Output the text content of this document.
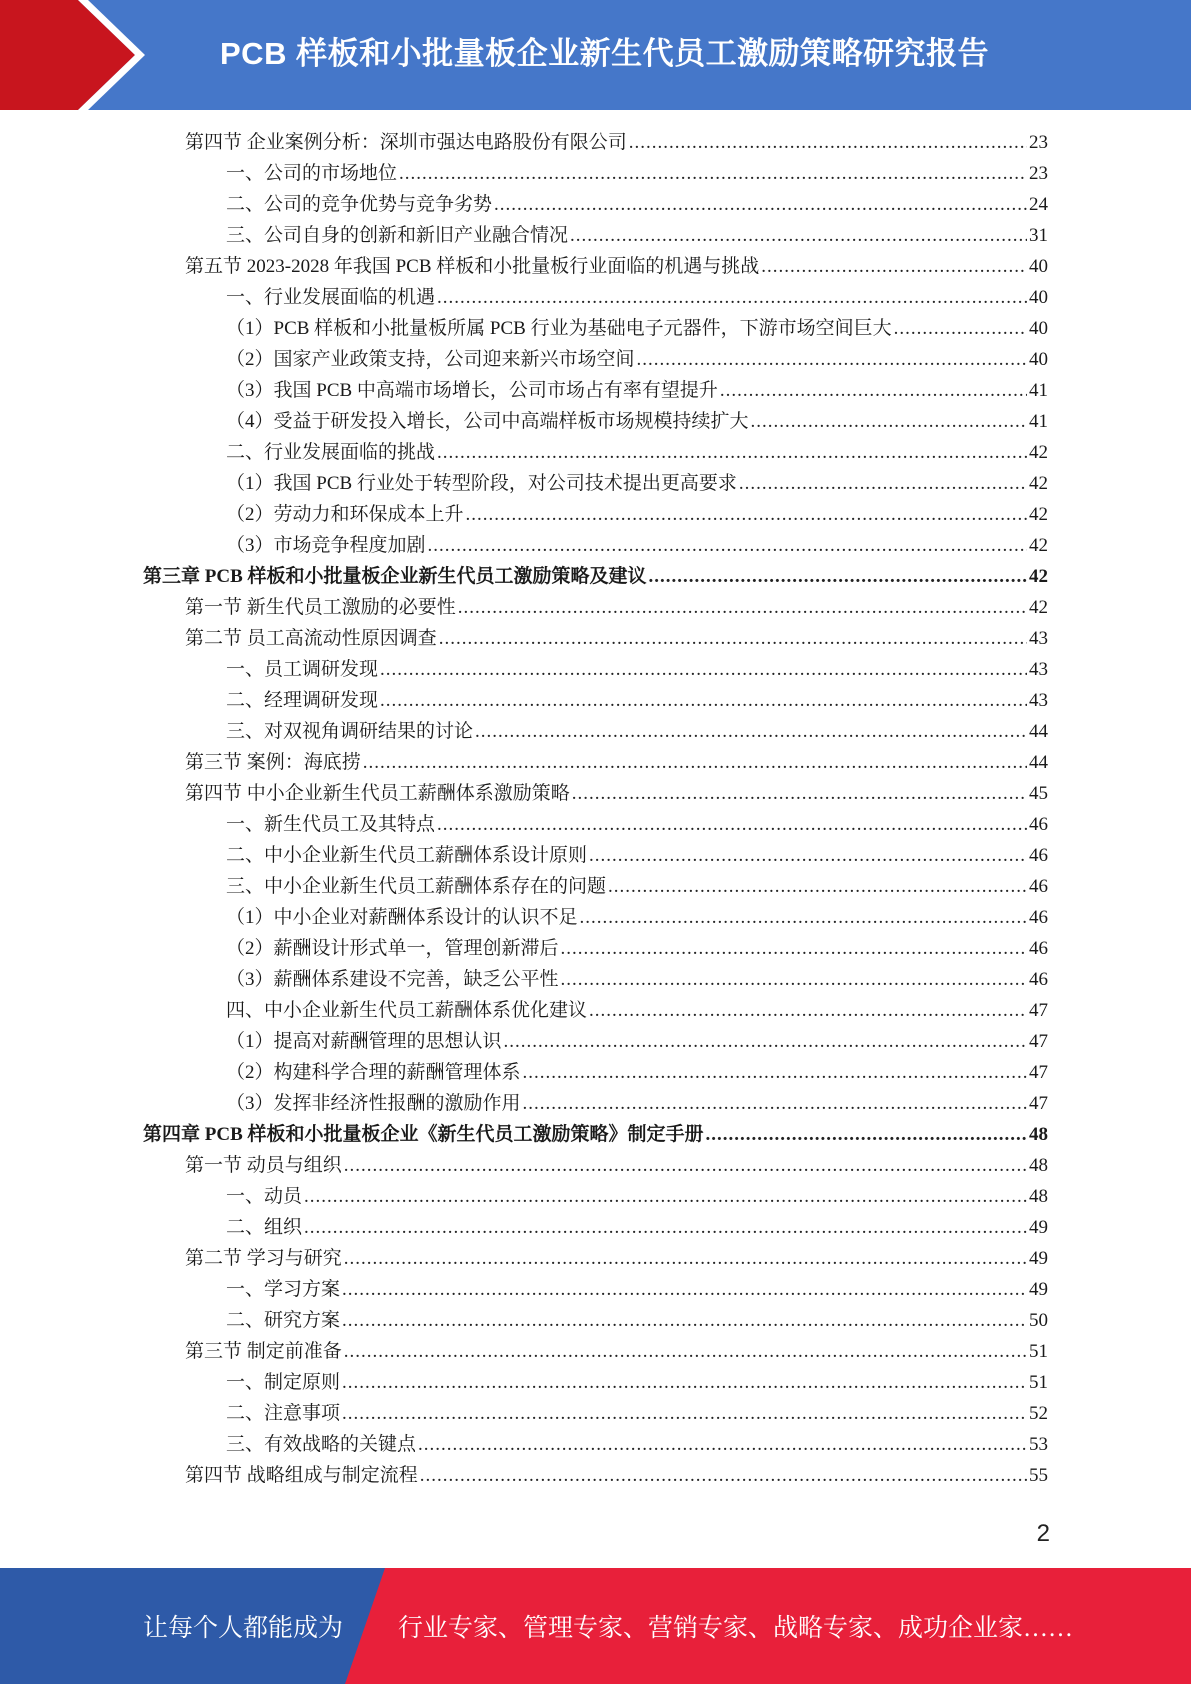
PCB 样板和小批量板企业新生代员工激励策略研究报告
第四节 企业案例分析：深圳市强达电路股份有限公司 .....	23
一、公司的市场地位 .....	23
二、公司的竞争优势与竞争劣势 .....	24
三、公司自身的创新和新旧产业融合情况 .....	31
第五节 2023-2028 年我国 PCB 样板和小批量板行业面临的机遇与挑战 .....	40
一、行业发展面临的机遇 .....	40
（1）PCB 样板和小批量板所属 PCB 行业为基础电子元器件，下游市场空间巨大 .....	40
（2）国家产业政策支持，公司迎来新兴市场空间 .....	40
（3）我国 PCB 中高端市场增长，公司市场占有率有望提升 .....	41
（4）受益于研发投入增长，公司中高端样板市场规模持续扩大 .....	41
二、行业发展面临的挑战 .....	42
（1）我国 PCB 行业处于转型阶段，对公司技术提出更高要求 .....	42
（2）劳动力和环保成本上升 .....	42
（3）市场竞争程度加剧 .....	42
第三章 PCB 样板和小批量板企业新生代员工激励策略及建议 .....	42
第一节 新生代员工激励的必要性 .....	42
第二节 员工高流动性原因调查 .....	43
一、员工调研发现 .....	43
二、经理调研发现 .....	43
三、对双视角调研结果的讨论 .....	44
第三节 案例：海底捞 .....	44
第四节 中小企业新生代员工薪酬体系激励策略 .....	45
一、新生代员工及其特点 .....	46
二、中小企业新生代员工薪酬体系设计原则 .....	46
三、中小企业新生代员工薪酬体系存在的问题 .....	46
（1）中小企业对薪酬体系设计的认识不足 .....	46
（2）薪酬设计形式单一，管理创新滞后 .....	46
（3）薪酬体系建设不完善，缺乏公平性 .....	46
四、中小企业新生代员工薪酬体系优化建议 .....	47
（1）提高对薪酬管理的思想认识 .....	47
（2）构建科学合理的薪酬管理体系 .....	47
（3）发挥非经济性报酬的激励作用 .....	47
第四章 PCB 样板和小批量板企业《新生代员工激励策略》制定手册 .....	48
第一节 动员与组织 .....	48
一、动员 .....	48
二、组织 .....	49
第二节 学习与研究 .....	49
一、学习方案 .....	49
二、研究方案 .....	50
第三节 制定前准备 .....	51
一、制定原则 .....	51
二、注意事项 .....	52
三、有效战略的关键点 .....	53
第四节 战略组成与制定流程 .....	55
2
让每个人都能成为 行业专家、管理专家、营销专家、战略专家、成功企业家……
